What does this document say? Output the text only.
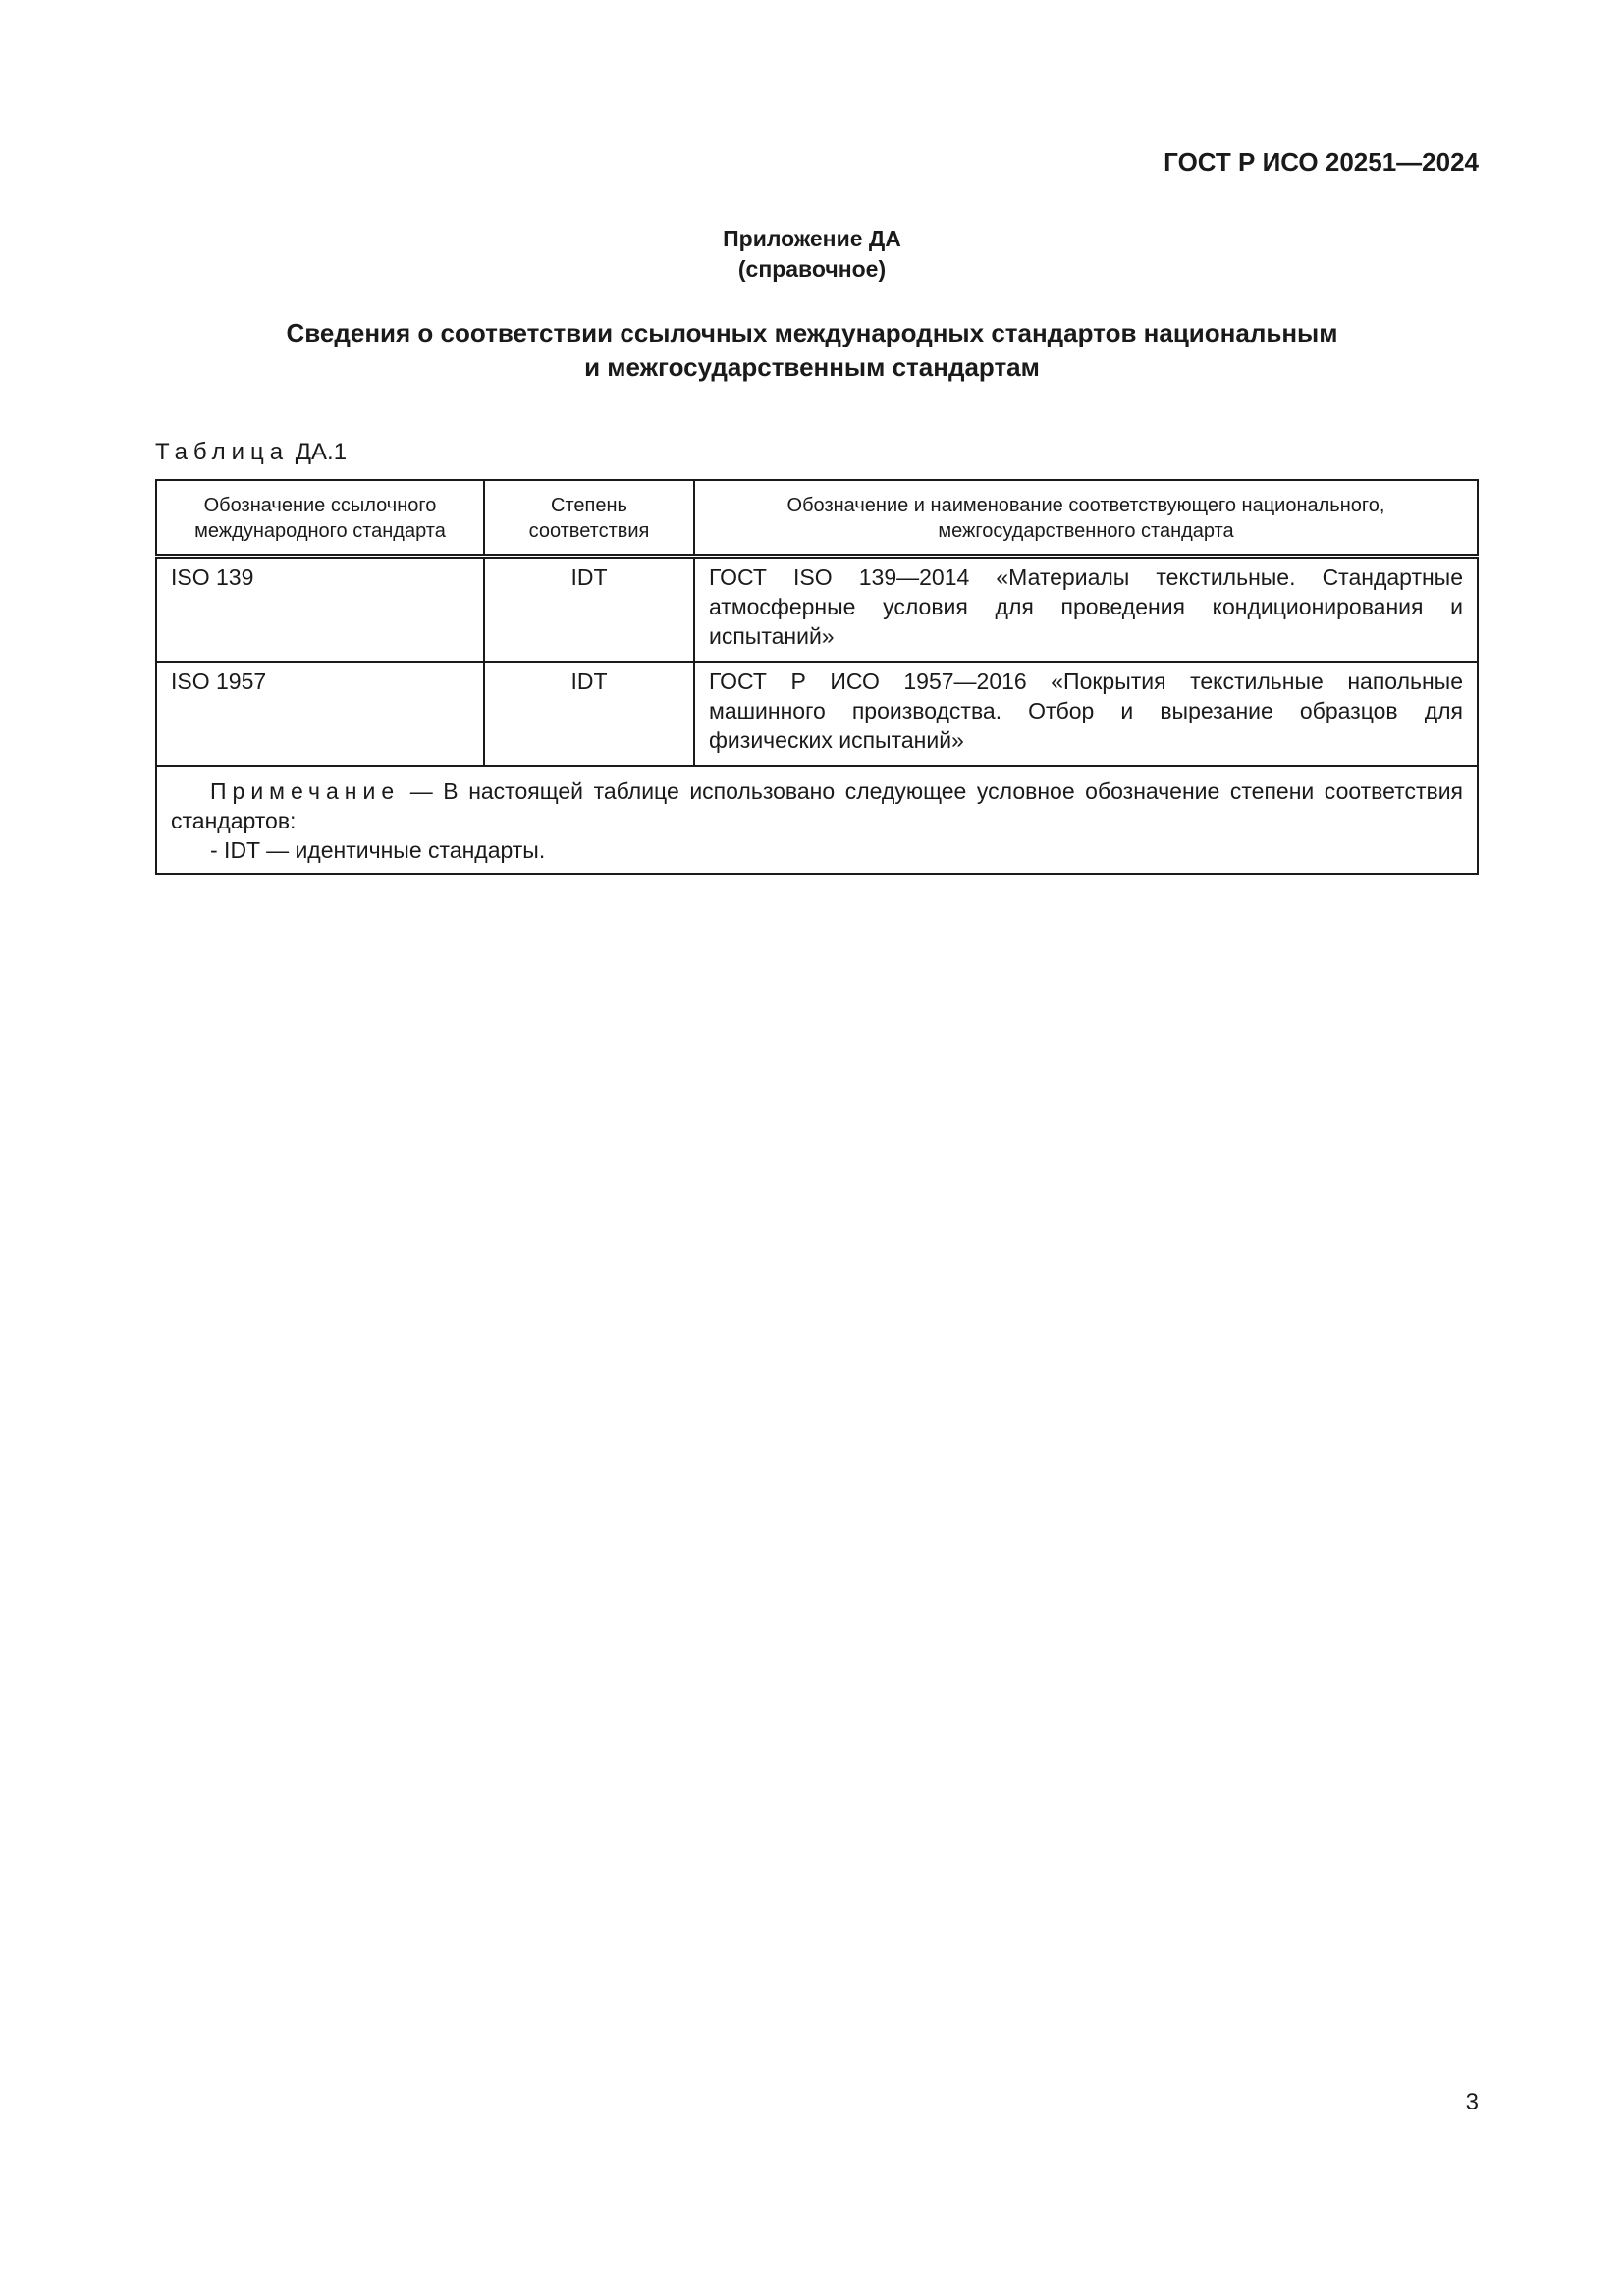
ГОСТ Р ИСО 20251—2024
Приложение ДА
(справочное)
Сведения о соответствии ссылочных международных стандартов национальным
и межгосударственным стандартам
Таблица ДА.1
Обозначение ссылочного международного стандарта	Степень соответствия	Обозначение и наименование соответствующего национального, межгосударственного стандарта
ISO 139	IDT	ГОСТ ISO 139—2014 «Материалы текстильные. Стандартные атмосферные условия для проведения кондиционирования и испытаний»
ISO 1957	IDT	ГОСТ Р ИСО 1957—2016 «Покрытия текстильные напольные машинного производства. Отбор и вырезание образцов для физических испытаний»

Примечание — В настоящей таблице использовано следующее условное обозначение степени соответствия стандартов:
- IDT — идентичные стандарты.		
3
